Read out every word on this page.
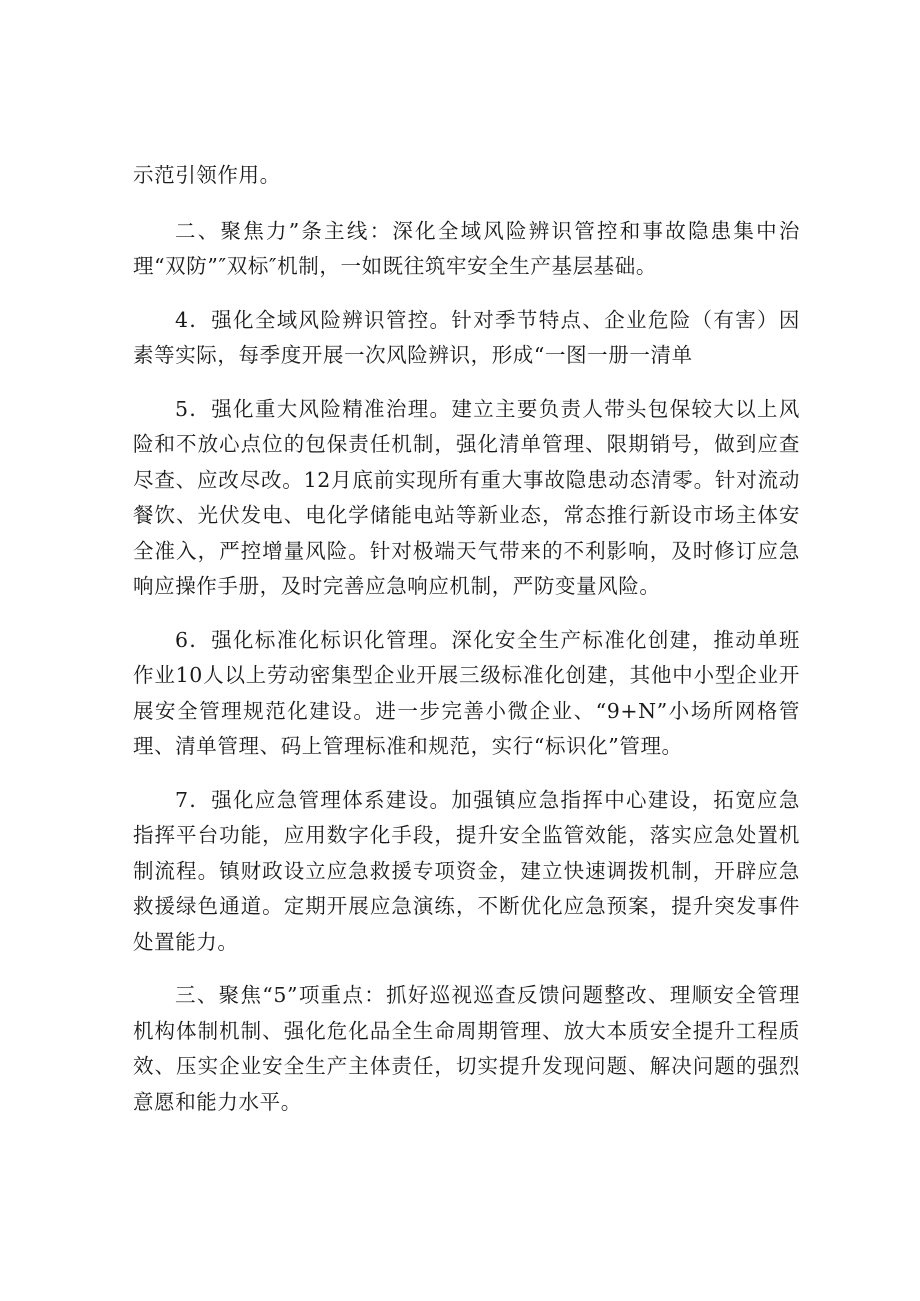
示范引领作用。

二、聚焦力”条主线：深化全域风险辨识管控和事故隐患集中治理“双防”″双标″机制，一如既往筑牢安全生产基层基础。

4．强化全域风险辨识管控。针对季节特点、企业危险（有害）因素等实际，每季度开展一次风险辨识，形成“一图一册一清单

5．强化重大风险精准治理。建立主要负责人带头包保较大以上风险和不放心点位的包保责任机制，强化清单管理、限期销号，做到应查尽查、应改尽改。12月底前实现所有重大事故隐患动态清零。针对流动餐饮、光伏发电、电化学储能电站等新业态，常态推行新设市场主体安全准入，严控增量风险。针对极端天气带来的不利影响，及时修订应急响应操作手册，及时完善应急响应机制，严防变量风险。

6．强化标准化标识化管理。深化安全生产标准化创建，推动单班作业10人以上劳动密集型企业开展三级标准化创建，其他中小型企业开展安全管理规范化建设。进一步完善小微企业、“9+N”小场所网格管理、清单管理、码上管理标准和规范，实行“标识化”管理。

7．强化应急管理体系建设。加强镇应急指挥中心建设，拓宽应急指挥平台功能，应用数字化手段，提升安全监管效能，落实应急处置机制流程。镇财政设立应急救援专项资金，建立快速调拨机制，开辟应急救援绿色通道。定期开展应急演练，不断优化应急预案，提升突发事件处置能力。

三、聚焦“5”项重点：抓好巡视巡查反馈问题整改、理顺安全管理机构体制机制、强化危化品全生命周期管理、放大本质安全提升工程质效、压实企业安全生产主体责任，切实提升发现问题、解决问题的强烈意愿和能力水平。
